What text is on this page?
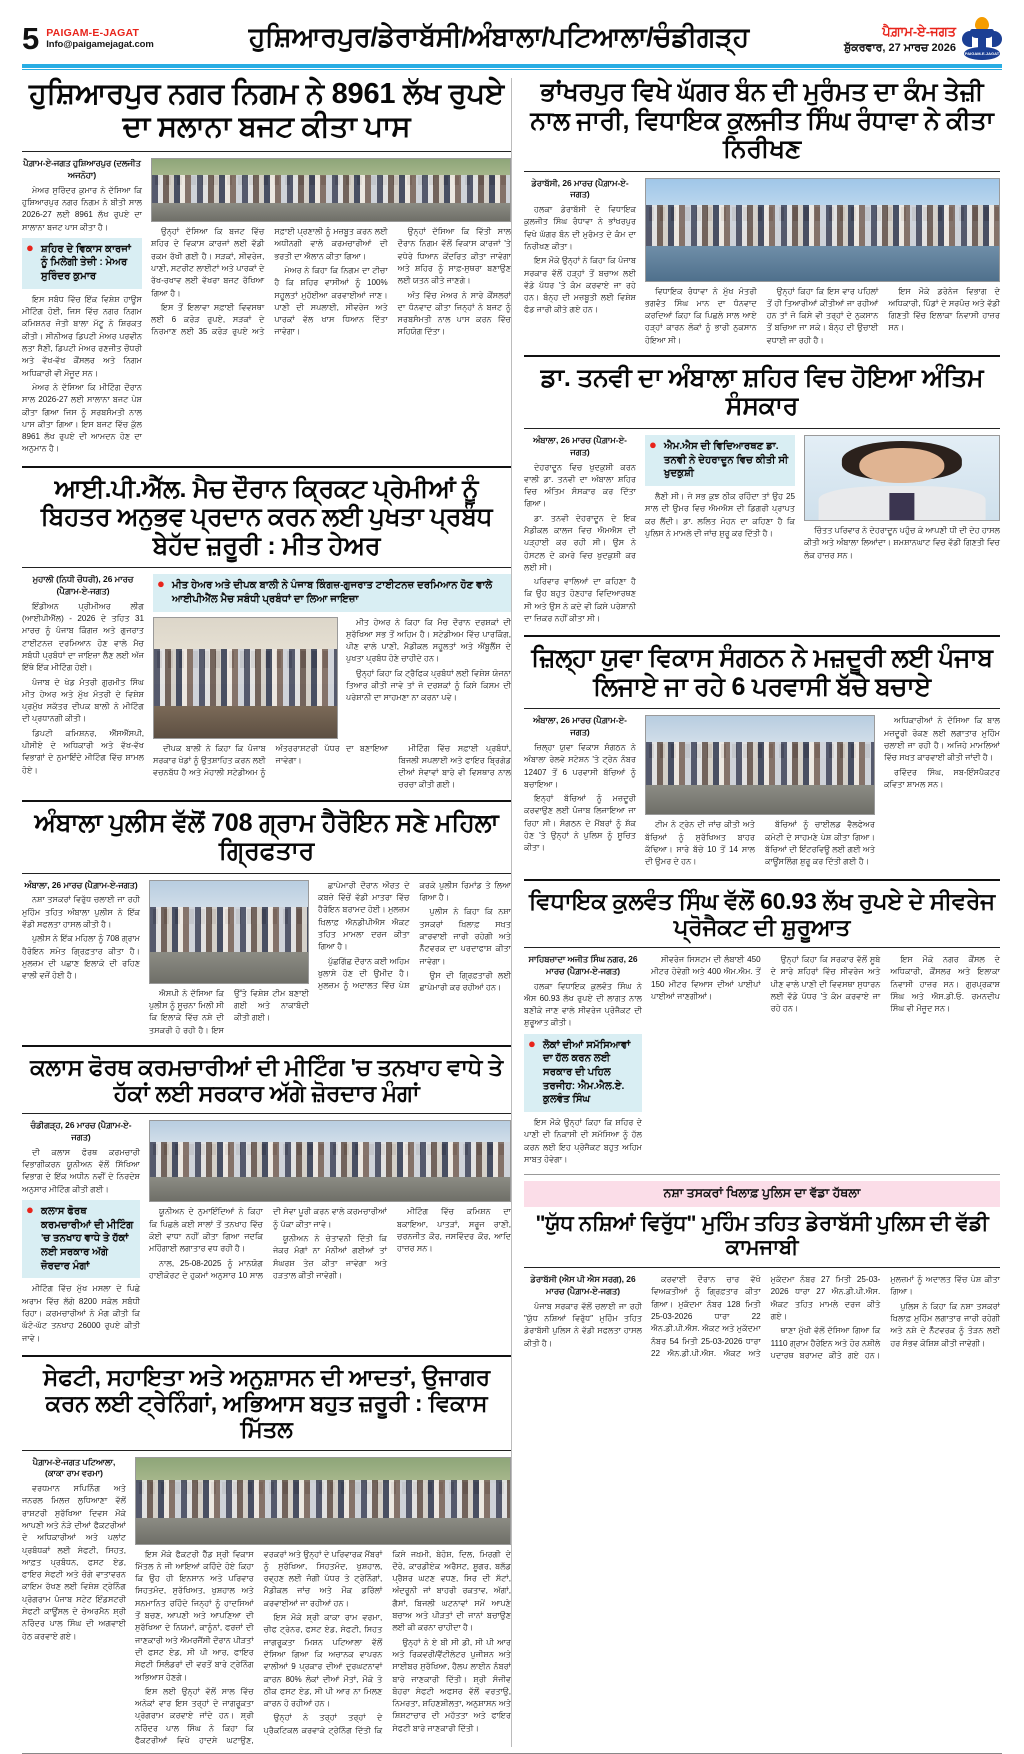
5 PAIGAM-E-JAGAT
Info@paigamejagat.com	ਹੁਸ਼ਿਆਰਪੁਰ/ਡੇਰਾਬੱਸੀ/ਅੰਬਾਲਾ/ਪਟਿਆਲਾ/ਚੰਡੀਗੜ੍ਹ	ਪੈਗ਼ਾਮ-ਏ-ਜਗਤ
ਸ਼ੁੱਕਰਵਾਰ, 27 ਮਾਰਚ 2026 PAIGAM-E-JAGAT
ਹੁਸ਼ਿਆਰਪੁਰ ਨਗਰ ਨਿਗਮ ਨੇ 8961 ਲੱਖ ਰੁਪਏ ਦਾ ਸਲਾਨਾ ਬਜਟ ਕੀਤਾ ਪਾਸ
ਪੈਗ਼ਾਮ-ਏ-ਜਗਤ ਹੁਸ਼ਿਆਰਪੁਰ (ਦਲਜੀਤ ਅਜਨੋਹਾ)

ਮੇਅਰ ਸੁਰਿੰਦਰ ਕੁਮਾਰ ਨੇ ਦੱਸਿਆ ਕਿ ਹੁਸ਼ਿਆਰਪੁਰ ਨਗਰ ਨਿਗਮ ਨੇ ਬੀਤੀ ਸਾਲ 2026-27 ਲਈ 8961 ਲੱਖ ਰੁਪਏ ਦਾ ਸਾਲਾਨਾ ਬਜਟ ਪਾਸ ਕੀਤਾ ਹੈ।

● ਸ਼ਹਿਰ ਦੇ ਵਿਕਾਸ ਕਾਰਜਾਂ ਨੂੰ ਮਿਲੇਗੀ ਤੇਜ਼ੀ : ਮੇਅਰ ਸੁਰਿੰਦਰ ਕੁਮਾਰ

ਇਸ ਸਬੰਧ ਵਿੱਚ ਇੱਕ ਵਿਸ਼ੇਸ਼ ਹਾਊਸ ਮੀਟਿੰਗ ਹੋਈ, ਜਿਸ ਵਿੱਚ ਨਗਰ ਨਿਗਮ ਕਮਿਸ਼ਨਰ ਜੋਤੀ ਬਾਲਾ ਮੱਟੂ ਨੇ ਸ਼ਿਰਕਤ ਕੀਤੀ। ਸੀਨੀਅਰ ਡਿਪਟੀ ਮੇਅਰ ਪਰਵੀਨ ਲਤਾ ਸੈਣੀ, ਡਿਪਟੀ ਮੇਅਰ ਰਣਜੀਤ ਚੌਧਰੀ ਅਤੇ ਵੱਖ-ਵੱਖ ਕੌਂਸਲਰ ਅਤੇ ਨਿਗਮ ਅਧਿਕਾਰੀ ਵੀ ਮੌਜੂਦ ਸਨ।

ਮੇਅਰ ਨੇ ਦੱਸਿਆ ਕਿ ਮੀਟਿੰਗ ਦੌਰਾਨ ਸਾਲ 2026-27 ਲਈ ਸਾਲਾਨਾ ਬਜਟ ਪੇਸ਼ ਕੀਤਾ ਗਿਆ ਜਿਸ ਨੂੰ ਸਰਬਸੰਮਤੀ ਨਾਲ ਪਾਸ ਕੀਤਾ ਗਿਆ। ਇਸ ਬਜਟ ਵਿੱਚ ਕੁੱਲ 8961 ਲੱਖ ਰੁਪਏ ਦੀ ਆਮਦਨ ਹੋਣ ਦਾ ਅਨੁਮਾਨ ਹੈ।

ਉਨ੍ਹਾਂ ਦੱਸਿਆ ਕਿ ਬਜਟ ਵਿੱਚ ਸ਼ਹਿਰ ਦੇ ਵਿਕਾਸ ਕਾਰਜਾਂ ਲਈ ਵੱਡੀ ਰਕਮ ਰੱਖੀ ਗਈ ਹੈ। ਸੜਕਾਂ, ਸੀਵਰੇਜ, ਪਾਣੀ, ਸਟਰੀਟ ਲਾਈਟਾਂ ਅਤੇ ਪਾਰਕਾਂ ਦੇ ਰੱਖ-ਰਖਾਵ ਲਈ ਵੱਖਰਾ ਬਜਟ ਰੱਖਿਆ ਗਿਆ ਹੈ।

ਇਸ ਤੋਂ ਇਲਾਵਾ ਸਫ਼ਾਈ ਵਿਵਸਥਾ ਲਈ 6 ਕਰੋੜ ਰੁਪਏ, ਸੜਕਾਂ ਦੇ ਨਿਰਮਾਣ ਲਈ 35 ਕਰੋੜ ਰੁਪਏ ਅਤੇ ਸਫ਼ਾਈ ਪ੍ਰਣਾਲੀ ਨੂੰ ਮਜ਼ਬੂਤ ਕਰਨ ਲਈ ਅਧੀਨਗੀ ਵਾਲੇ ਕਰਮਚਾਰੀਆਂ ਦੀ ਭਰਤੀ ਦਾ ਐਲਾਨ ਕੀਤਾ ਗਿਆ।

ਮੇਅਰ ਨੇ ਕਿਹਾ ਕਿ ਨਿਗਮ ਦਾ ਟੀਚਾ ਹੈ ਕਿ ਸ਼ਹਿਰ ਵਾਸੀਆਂ ਨੂੰ 100% ਸਹੂਲਤਾਂ ਮੁਹੱਈਆ ਕਰਵਾਈਆਂ ਜਾਣ। ਪਾਣੀ ਦੀ ਸਪਲਾਈ, ਸੀਵਰੇਜ ਅਤੇ ਪਾਰਕਾਂ ਵੱਲ ਖਾਸ ਧਿਆਨ ਦਿੱਤਾ ਜਾਵੇਗਾ।

ਉਨ੍ਹਾਂ ਦੱਸਿਆ ਕਿ ਵਿੱਤੀ ਸਾਲ ਦੌਰਾਨ ਨਿਗਮ ਵੱਲੋਂ ਵਿਕਾਸ ਕਾਰਜਾਂ 'ਤੇ ਵਧੇਰੇ ਧਿਆਨ ਕੇਂਦਰਿਤ ਕੀਤਾ ਜਾਵੇਗਾ ਅਤੇ ਸ਼ਹਿਰ ਨੂੰ ਸਾਫ਼-ਸੁਥਰਾ ਬਣਾਉਣ ਲਈ ਯਤਨ ਕੀਤੇ ਜਾਣਗੇ।

ਅੰਤ ਵਿੱਚ ਮੇਅਰ ਨੇ ਸਾਰੇ ਕੌਂਸਲਰਾਂ ਦਾ ਧੰਨਵਾਦ ਕੀਤਾ ਜਿਨ੍ਹਾਂ ਨੇ ਬਜਟ ਨੂੰ ਸਰਬਸੰਮਤੀ ਨਾਲ ਪਾਸ ਕਰਨ ਵਿੱਚ ਸਹਿਯੋਗ ਦਿੱਤਾ।

ਆਈ.ਪੀ.ਐੱਲ. ਮੈਚ ਦੌਰਾਨ ਕ੍ਰਿਕਟ ਪ੍ਰੇਮੀਆਂ ਨੂੰ ਬਿਹਤਰ ਅਨੁਭਵ ਪ੍ਰਦਾਨ ਕਰਨ ਲਈ ਪੁਖਤਾ ਪ੍ਰਬੰਧ ਬੇਹੱਦ ਜ਼ਰੂਰੀ : ਮੀਤ ਹੇਅਰ
ਮੁਹਾਲੀ (ਨਿਧੀ ਚੌਧਰੀ), 26 ਮਾਰਚ (ਪੈਗ਼ਾਮ-ਏ-ਜਗਤ)

ਇੰਡੀਅਨ ਪ੍ਰੀਮੀਅਰ ਲੀਗ (ਆਈਪੀਐੱਲ) - 2026 ਦੇ ਤਹਿਤ 31 ਮਾਰਚ ਨੂੰ ਪੰਜਾਬ ਕਿੰਗਜ਼ ਅਤੇ ਗੁਜਰਾਤ ਟਾਈਟਨਜ਼ ਦਰਮਿਆਨ ਹੋਣ ਵਾਲੇ ਮੈਚ ਸਬੰਧੀ ਪ੍ਰਬੰਧਾਂ ਦਾ ਜਾਇਜ਼ਾ ਲੈਣ ਲਈ ਅੱਜ ਇੱਥੇ ਇੱਕ ਮੀਟਿੰਗ ਹੋਈ।

ਪੰਜਾਬ ਦੇ ਖੇਡ ਮੰਤਰੀ ਗੁਰਮੀਤ ਸਿੰਘ ਮੀਤ ਹੇਅਰ ਅਤੇ ਮੁੱਖ ਮੰਤਰੀ ਦੇ ਵਿਸ਼ੇਸ਼ ਪ੍ਰਮੁੱਖ ਸਕੱਤਰ ਦੀਪਕ ਬਾਲੀ ਨੇ ਮੀਟਿੰਗ ਦੀ ਪ੍ਰਧਾਨਗੀ ਕੀਤੀ।

ਡਿਪਟੀ ਕਮਿਸ਼ਨਰ, ਐੱਸਐੱਸਪੀ, ਪੀਸੀਏ ਦੇ ਅਧਿਕਾਰੀ ਅਤੇ ਵੱਖ-ਵੱਖ ਵਿਭਾਗਾਂ ਦੇ ਨੁਮਾਇੰਦੇ ਮੀਟਿੰਗ ਵਿੱਚ ਸ਼ਾਮਲ ਹੋਏ।

● ਮੀਤ ਹੇਅਰ ਅਤੇ ਦੀਪਕ ਬਾਲੀ ਨੇ ਪੰਜਾਬ ਕਿੰਗਜ਼-ਗੁਜਰਾਤ ਟਾਈਟਨਜ਼ ਦਰਮਿਆਨ ਹੋਣ ਵਾਲੇ ਆਈਪੀਐੱਲ ਮੈਚ ਸਬੰਧੀ ਪ੍ਰਬੰਧਾਂ ਦਾ ਲਿਆ ਜਾਇਜ਼ਾ

ਮੀਤ ਹੇਅਰ ਨੇ ਕਿਹਾ ਕਿ ਮੈਚ ਦੌਰਾਨ ਦਰਸ਼ਕਾਂ ਦੀ ਸੁਰੱਖਿਆ ਸਭ ਤੋਂ ਅਹਿਮ ਹੈ। ਸਟੇਡੀਅਮ ਵਿੱਚ ਪਾਰਕਿੰਗ, ਪੀਣ ਵਾਲੇ ਪਾਣੀ, ਮੈਡੀਕਲ ਸਹੂਲਤਾਂ ਅਤੇ ਐਂਬੂਲੈਂਸ ਦੇ ਪੁਖਤਾ ਪ੍ਰਬੰਧ ਹੋਣੇ ਚਾਹੀਦੇ ਹਨ।

ਉਨ੍ਹਾਂ ਕਿਹਾ ਕਿ ਟ੍ਰੈਫਿਕ ਪ੍ਰਬੰਧਾਂ ਲਈ ਵਿਸ਼ੇਸ਼ ਯੋਜਨਾ ਤਿਆਰ ਕੀਤੀ ਜਾਵੇ ਤਾਂ ਜੋ ਦਰਸ਼ਕਾਂ ਨੂੰ ਕਿਸੇ ਕਿਸਮ ਦੀ ਪਰੇਸ਼ਾਨੀ ਦਾ ਸਾਹਮਣਾ ਨਾ ਕਰਨਾ ਪਵੇ।

ਦੀਪਕ ਬਾਲੀ ਨੇ ਕਿਹਾ ਕਿ ਪੰਜਾਬ ਸਰਕਾਰ ਖੇਡਾਂ ਨੂੰ ਉਤਸ਼ਾਹਿਤ ਕਰਨ ਲਈ ਵਚਨਬੱਧ ਹੈ ਅਤੇ ਮੋਹਾਲੀ ਸਟੇਡੀਅਮ ਨੂੰ ਅੰਤਰਰਾਸ਼ਟਰੀ ਪੱਧਰ ਦਾ ਬਣਾਇਆ ਜਾਵੇਗਾ।

ਮੀਟਿੰਗ ਵਿੱਚ ਸਫ਼ਾਈ ਪ੍ਰਬੰਧਾਂ, ਬਿਜਲੀ ਸਪਲਾਈ ਅਤੇ ਫਾਇਰ ਬ੍ਰਿਗੇਡ ਦੀਆਂ ਸੇਵਾਵਾਂ ਬਾਰੇ ਵੀ ਵਿਸਥਾਰ ਨਾਲ ਚਰਚਾ ਕੀਤੀ ਗਈ।

ਅੰਬਾਲਾ ਪੁਲੀਸ ਵੱਲੋਂ 708 ਗ੍ਰਾਮ ਹੈਰੋਇਨ ਸਣੇ ਮਹਿਲਾ ਗ੍ਰਿਫਤਾਰ
ਅੰਬਾਲਾ, 26 ਮਾਰਚ (ਪੈਗ਼ਾਮ-ਏ-ਜਗਤ)

ਨਸ਼ਾ ਤਸਕਰਾਂ ਵਿਰੁੱਧ ਚਲਾਈ ਜਾ ਰਹੀ ਮੁਹਿੰਮ ਤਹਿਤ ਅੰਬਾਲਾ ਪੁਲੀਸ ਨੇ ਇੱਕ ਵੱਡੀ ਸਫਲਤਾ ਹਾਸਲ ਕੀਤੀ ਹੈ।

ਪੁਲੀਸ ਨੇ ਇੱਕ ਮਹਿਲਾ ਨੂੰ 708 ਗ੍ਰਾਮ ਹੈਰੋਇਨ ਸਮੇਤ ਗ੍ਰਿਫ਼ਤਾਰ ਕੀਤਾ ਹੈ। ਮੁਲਜ਼ਮ ਦੀ ਪਛਾਣ ਇਲਾਕੇ ਦੀ ਰਹਿਣ ਵਾਲੀ ਵਜੋਂ ਹੋਈ ਹੈ।

ਐਸਪੀ ਨੇ ਦੱਸਿਆ ਕਿ ਪੁਲੀਸ ਨੂੰ ਸੂਚਨਾ ਮਿਲੀ ਸੀ ਕਿ ਇਲਾਕੇ ਵਿੱਚ ਨਸ਼ੇ ਦੀ ਤਸਕਰੀ ਹੋ ਰਹੀ ਹੈ। ਇਸ ਉੱਤੇ ਵਿਸ਼ੇਸ਼ ਟੀਮ ਬਣਾਈ ਗਈ ਅਤੇ ਨਾਕਾਬੰਦੀ ਕੀਤੀ ਗਈ।

ਛਾਪੇਮਾਰੀ ਦੌਰਾਨ ਔਰਤ ਦੇ ਕਬਜ਼ੇ ਵਿੱਚੋਂ ਵੱਡੀ ਮਾਤਰਾ ਵਿੱਚ ਹੈਰੋਇਨ ਬਰਾਮਦ ਹੋਈ। ਮੁਲਜ਼ਮ ਖ਼ਿਲਾਫ਼ ਐਨਡੀਪੀਐਸ ਐਕਟ ਤਹਿਤ ਮਾਮਲਾ ਦਰਜ ਕੀਤਾ ਗਿਆ ਹੈ।

ਪੁੱਛਗਿੱਛ ਦੌਰਾਨ ਕਈ ਅਹਿਮ ਖੁਲਾਸੇ ਹੋਣ ਦੀ ਉਮੀਦ ਹੈ। ਮੁਲਜ਼ਮ ਨੂੰ ਅਦਾਲਤ ਵਿੱਚ ਪੇਸ਼ ਕਰਕੇ ਪੁਲੀਸ ਰਿਮਾਂਡ ਤੇ ਲਿਆ ਗਿਆ ਹੈ।

ਪੁਲੀਸ ਨੇ ਕਿਹਾ ਕਿ ਨਸ਼ਾ ਤਸਕਰਾਂ ਖ਼ਿਲਾਫ਼ ਸਖ਼ਤ ਕਾਰਵਾਈ ਜਾਰੀ ਰਹੇਗੀ ਅਤੇ ਨੈੱਟਵਰਕ ਦਾ ਪਰਦਾਫਾਸ਼ ਕੀਤਾ ਜਾਵੇਗਾ।

ਉਸ ਦੀ ਗ੍ਰਿਫ਼ਤਾਰੀ ਲਈ ਛਾਪੇਮਾਰੀ ਕਰ ਰਹੀਆਂ ਹਨ।

ਕਲਾਸ ਫੋਰਥ ਕਰਮਚਾਰੀਆਂ ਦੀ ਮੀਟਿੰਗ 'ਚ ਤਨਖਾਹ ਵਾਧੇ ਤੇ ਹੱਕਾਂ ਲਈ ਸਰਕਾਰ ਅੱਗੇ ਜ਼ੋਰਦਾਰ ਮੰਗਾਂ
ਚੰਡੀਗੜ੍ਹ, 26 ਮਾਰਚ (ਪੈਗ਼ਾਮ-ਏ-ਜਗਤ)

ਦੀ ਕਲਾਸ ਫੋਰਥ ਕਰਮਚਾਰੀ ਵਿਭਾਗੀਕਰਨ ਯੂਨੀਅਨ ਵੱਲੋਂ ਸਿੱਖਿਆ ਵਿਭਾਗ ਦੇ ਇੱਕ ਅਧੀਨ ਨਵੀਂ ਦੇ ਨਿਰਦੇਸ਼ ਅਨੁਸਾਰ ਮੀਟਿੰਗ ਕੀਤੀ ਗਈ।

● ਕਲਾਸ ਫੋਰਥ ਕਰਮਚਾਰੀਆਂ ਦੀ ਮੀਟਿੰਗ 'ਚ ਤਨਖਾਹ ਵਾਧੇ ਤੇ ਹੱਕਾਂ ਲਈ ਸਰਕਾਰ ਅੱਗੇ ਜ਼ੋਰਦਾਰ ਮੰਗਾਂ

ਮੀਟਿੰਗ ਵਿੱਚ ਮੁੱਖ ਮਸਲਾ ਦੇ ਪਿਛੇ ਅਰਾਮ ਵਿੱਚ ਲੱਗੇ 8200 ਸਕੇਲ ਸਬੰਧੀ ਰਿਹਾ। ਕਰਮਚਾਰੀਆਂ ਨੇ ਮੰਗ ਕੀਤੀ ਕਿ ਘੱਟੋ-ਘੱਟ ਤਨਖਾਹ 26000 ਰੁਪਏ ਕੀਤੀ ਜਾਵੇ।

ਯੂਨੀਅਨ ਦੇ ਨੁਮਾਇੰਦਿਆਂ ਨੇ ਕਿਹਾ ਕਿ ਪਿਛਲੇ ਕਈ ਸਾਲਾਂ ਤੋਂ ਤਨਖਾਹ ਵਿੱਚ ਕੋਈ ਵਾਧਾ ਨਹੀਂ ਕੀਤਾ ਗਿਆ ਜਦਕਿ ਮਹਿੰਗਾਈ ਲਗਾਤਾਰ ਵਧ ਰਹੀ ਹੈ।

ਨਾਲ, 25-08-2025 ਨੂੰ ਮਾਨਯੋਗ ਹਾਈਕੋਰਟ ਦੇ ਹੁਕਮਾਂ ਅਨੁਸਾਰ 10 ਸਾਲ ਦੀ ਸੇਵਾ ਪੂਰੀ ਕਰਨ ਵਾਲੇ ਕਰਮਚਾਰੀਆਂ ਨੂੰ ਪੱਕਾ ਕੀਤਾ ਜਾਵੇ।

ਯੂਨੀਅਨ ਨੇ ਚੇਤਾਵਨੀ ਦਿੱਤੀ ਕਿ ਜੇਕਰ ਮੰਗਾਂ ਨਾ ਮੰਨੀਆਂ ਗਈਆਂ ਤਾਂ ਸੰਘਰਸ਼ ਤੇਜ਼ ਕੀਤਾ ਜਾਵੇਗਾ ਅਤੇ ਹੜਤਾਲ ਕੀਤੀ ਜਾਵੇਗੀ।

ਮੀਟਿੰਗ ਵਿੱਚ ਕਮਿਸ਼ਨ ਦਾ ਬਕਾਇਆ, ਪਾਤੜਾਂ, ਸਰੂਜ ਰਾਣੀ, ਚਰਨਜੀਤ ਕੌਰ, ਜਸਵਿੰਦਰ ਕੌਰ, ਆਦਿ ਹਾਜ਼ਰ ਸਨ।

ਸੇਫਟੀ, ਸਹਾਇਤਾ ਅਤੇ ਅਨੁਸ਼ਾਸਨ ਦੀ ਆਦਤਾਂ, ਉਜਾਗਰ ਕਰਨ ਲਈ ਟ੍ਰੇਨਿੰਗਾਂ, ਅਭਿਆਸ ਬਹੁਤ ਜ਼ਰੂਰੀ : ਵਿਕਾਸ ਮਿੱਤਲ
ਪੈਗ਼ਾਮ-ਏ-ਜਗਤ ਪਟਿਆਲਾ, (ਕਾਕਾ ਰਾਮ ਵਰਮਾ)

ਵਰਧਮਾਨ ਸਪਿਨਿੰਗ ਅਤੇ ਜਨਰਲ ਮਿਲਜ਼ ਲੁਧਿਆਣਾ ਵੱਲੋਂ ਰਾਸ਼ਟਰੀ ਸੁਰੱਖਿਆ ਦਿਵਸ ਮੌਕੇ ਆਪਣੀ ਅਤੇ ਨੇੜੇ ਦੀਆਂ ਫੈਕਟਰੀਆਂ ਦੇ ਅਧਿਕਾਰੀਆਂ ਅਤੇ ਪਲਾਂਟ ਪ੍ਰਬੰਧਕਾਂ ਲਈ ਸੇਫਟੀ, ਸਿਹਤ, ਆਫ਼ਤ ਪ੍ਰਬੰਧਨ, ਫਸਟ ਏਡ, ਫਾਇਰ ਸੇਫਟੀ ਅਤੇ ਚੰਗੇ ਵਾਤਾਵਰਨ ਕਾਇਮ ਰੱਖਣ ਲਈ ਵਿਸ਼ੇਸ਼ ਟ੍ਰੇਨਿੰਗ ਪ੍ਰੋਗਰਾਮ ਪੰਜਾਬ ਸਟੇਟ ਇੰਡਸਟਰੀ ਸੇਫਟੀ ਕਾਊਂਸਲ ਦੇ ਚੇਅਰਮੈਨ ਸ਼੍ਰੀ ਨਰਿੰਦਰ ਪਾਲ ਸਿੰਘ ਦੀ ਅਗਵਾਈ ਹੇਠ ਕਰਵਾਏ ਗਏ।

ਇਸ ਮੌਕੇ ਫੈਕਟਰੀ ਹੈੱਡ ਸ਼੍ਰੀ ਵਿਕਾਸ ਮਿੱਤਲ ਨੇ ਜੀ ਆਇਆਂ ਕਹਿੰਦੇ ਹੋਏ ਕਿਹਾ ਕਿ ਉਹ ਹੀ ਇਨਸਾਨ ਅਤੇ ਪਰਿਵਾਰ ਸਿਹਤਮੰਦ, ਸੁਰੱਖਿਅਤ, ਖੁਸ਼ਹਾਲ ਅਤੇ ਸਨਮਾਨਿਤ ਰਹਿੰਦੇ ਜਿਨ੍ਹਾਂ ਨੂੰ ਹਾਦਸਿਆਂ ਤੋਂ ਬਚਣ, ਆਪਣੀ ਅਤੇ ਆਪਣਿਆ ਦੀ ਸੁਰੱਖਿਆ ਦੇ ਨਿਯਮਾਂ, ਕਾਨੂੰਨਾਂ, ਫਰਜ਼ਾਂ ਦੀ ਜਾਣਕਾਰੀ ਅਤੇ ਐਮਰਜੈਂਸੀ ਦੌਰਾਨ ਪੀੜਤਾਂ ਦੀ ਫਸਟ ਏਡ, ਸੀ ਪੀ ਆਰ, ਫਾਇਰ ਸੇਫਟੀ ਸਿਲੰਡਰਾਂ ਦੀ ਵਰਤੋਂ ਬਾਰੇ ਟ੍ਰੇਨਿੰਗ ਅਭਿਆਸ ਹੋਣਗੇ।

ਇਸ ਲਈ ਉਨ੍ਹਾਂ ਵੱਲੋਂ ਸਾਲ ਵਿੱਚ ਅਨੇਕਾਂ ਵਾਰ ਇਸ ਤਰ੍ਹਾਂ ਦੇ ਜਾਗਰੂਕਤਾ ਪ੍ਰੋਗਰਾਮ ਕਰਵਾਏ ਜਾਂਦੇ ਹਨ। ਸ਼੍ਰੀ ਨਰਿੰਦਰ ਪਾਲ ਸਿੰਘ ਨੇ ਕਿਹਾ ਕਿ ਫੈਕਟਰੀਆਂ ਵਿਖੇ ਹਾਦਸੇ ਘਟਾਉਣ, ਵਰਕਰਾਂ ਅਤੇ ਉਨ੍ਹਾਂ ਦੇ ਪਰਿਵਾਰਕ ਮੈਂਬਰਾਂ ਨੂੰ ਸੁਰੱਖਿਆ, ਸਿਹਤਮੰਦ, ਖੁਸ਼ਹਾਲ, ਰਵ੍ਹਣ ਲਈ ਜੰਗੀ ਪੱਧਰ ਤੇ ਟ੍ਰੇਨਿੰਗਾਂ, ਮੈਡੀਕਲ ਜਾਂਚ ਅਤੇ ਮੌਕ ਡਰਿੱਲਾਂ ਕਰਵਾਈਆਂ ਜਾ ਰਹੀਆਂ ਹਨ।

ਇਸ ਮੌਕੇ ਸ਼੍ਰੀ ਕਾਕਾ ਰਾਮ ਵਰਮਾ, ਚੀਫ ਟ੍ਰੇਨਰ, ਫਸਟ ਏਡ, ਸੇਫਟੀ, ਸਿਹਤ ਜਾਗਰੂਕਤਾ ਮਿਸ਼ਨ ਪਟਿਆਲਾ ਵੱਲੋਂ ਦੱਸਿਆ ਗਿਆ ਕਿ ਅਚਾਨਕ ਵਾਪਰਨ ਵਾਲੀਆਂ 9 ਪ੍ਰਕਾਰ ਦੀਆਂ ਦੁਰਘਟਨਾਵਾਂ ਕਾਰਨ 80% ਲੋਕਾਂ ਦੀਆਂ ਮੌਤਾਂ, ਮੌਕੇ ਤੇ ਠੀਕ ਫਸਟ ਏਡ, ਸੀ ਪੀ ਆਰ ਨਾ ਮਿਲਣ ਕਾਰਨ ਹੋ ਰਹੀਆਂ ਹਨ।

ਉਨ੍ਹਾਂ ਨੇ ਤਰ੍ਹਾਂ ਤਰ੍ਹਾਂ ਦੇ ਪ੍ਰੈਕਟਿਕਲ ਕਰਵਾਕੇ ਟ੍ਰੇਨਿੰਗ ਦਿੱਤੀ ਕਿ ਕਿਸੇ ਜਖ਼ਮੀ, ਬੇਹੋਸ਼, ਦਿਲ, ਮਿਰਗੀ ਦੇ ਦੌਰੇ, ਕਾਰਡੀਏਕ ਅਰੈਸਟ, ਸ਼ੂਗਰ, ਬਲੱਡ ਪ੍ਰੈਸ਼ਰ ਘਟਣ ਵਧਣ, ਸਿਰ ਦੀ ਸੱਟਾਂ, ਅੰਦਰੂਨੀ ਜਾਂ ਬਾਹਰੀ ਰਕਤਾਵ, ਅੱਗਾਂ, ਗੈਸਾਂ, ਬਿਜਲੀ ਘਟਨਾਵਾਂ ਸਮੇਂ ਆਪਣੇ ਬਚਾਅ ਅਤੇ ਪੀੜਤਾਂ ਦੀ ਜਾਨਾਂ ਬਚਾਉਣ ਲਈ ਕੀ ਕਰਨਾ ਚਾਹੀਦਾ ਹੈ।

ਉਨ੍ਹਾਂ ਨੇ ਏ ਬੀ ਸੀ ਡੀ, ਸੀ ਪੀ ਆਰ ਅਤੇ ਰਿਕਵਰੀ/ਵੈਂਟੀਲੇਟਰ ਪੁਜੀਸ਼ਨ ਅਤੇ ਸਾਈਬਰ ਸੁਰੱਖਿਆ, ਹੈਲਪ ਲਾਈਨ ਨੰਬਰਾਂ ਬਾਰੇ ਜਾਣਕਾਰੀ ਦਿੱਤੀ। ਸ਼੍ਰੀ ਸੰਜੀਵ ਬੋਹਰਾ ਸੇਫਟੀ ਅਫਸਰ ਵੱਲੋਂ ਵਰਤਾਉ, ਨਿਮਰਤਾ, ਸ਼ਹਿਣਸ਼ੀਲਤਾ, ਅਨੁਸ਼ਾਸਨ ਅਤੇ ਸ਼ਿਸ਼ਟਾਚਾਰ ਦੀ ਮਹੱਤਤਾ ਅਤੇ ਫਾਇਰ ਸੇਫਟੀ ਬਾਰੇ ਜਾਣਕਾਰੀ ਦਿੱਤੀ।

ਭਾਂਖਰਪੁਰ ਵਿਖੇ ਘੱਗਰ ਬੰਨ ਦੀ ਮੁਰੰਮਤ ਦਾ ਕੰਮ ਤੇਜ਼ੀ ਨਾਲ ਜਾਰੀ, ਵਿਧਾਇਕ ਕੁਲਜੀਤ ਸਿੰਘ ਰੰਧਾਵਾ ਨੇ ਕੀਤਾ ਨਿਰੀਖਣ
ਡੇਰਾਬੱਸੀ, 26 ਮਾਰਚ (ਪੈਗ਼ਾਮ-ਏ-ਜਗਤ)

ਹਲਕਾ ਡੇਰਾਬੱਸੀ ਦੇ ਵਿਧਾਇਕ ਕੁਲਜੀਤ ਸਿੰਘ ਰੰਧਾਵਾ ਨੇ ਭਾਂਖਰਪੁਰ ਵਿਖੇ ਘੱਗਰ ਬੰਨ ਦੀ ਮੁਰੰਮਤ ਦੇ ਕੰਮ ਦਾ ਨਿਰੀਖਣ ਕੀਤਾ।

ਇਸ ਮੌਕੇ ਉਨ੍ਹਾਂ ਨੇ ਕਿਹਾ ਕਿ ਪੰਜਾਬ ਸਰਕਾਰ ਵੱਲੋਂ ਹੜ੍ਹਾਂ ਤੋਂ ਬਚਾਅ ਲਈ ਵੱਡੇ ਪੱਧਰ 'ਤੇ ਕੰਮ ਕਰਵਾਏ ਜਾ ਰਹੇ ਹਨ। ਬੰਨ੍ਹ ਦੀ ਮਜ਼ਬੂਤੀ ਲਈ ਵਿਸ਼ੇਸ਼ ਫੰਡ ਜਾਰੀ ਕੀਤੇ ਗਏ ਹਨ।

ਵਿਧਾਇਕ ਰੰਧਾਵਾ ਨੇ ਮੁੱਖ ਮੰਤਰੀ ਭਗਵੰਤ ਸਿੰਘ ਮਾਨ ਦਾ ਧੰਨਵਾਦ ਕਰਦਿਆਂ ਕਿਹਾ ਕਿ ਪਿਛਲੇ ਸਾਲ ਆਏ ਹੜ੍ਹਾਂ ਕਾਰਨ ਲੋਕਾਂ ਨੂੰ ਭਾਰੀ ਨੁਕਸਾਨ ਹੋਇਆ ਸੀ।

ਉਨ੍ਹਾਂ ਕਿਹਾ ਕਿ ਇਸ ਵਾਰ ਪਹਿਲਾਂ ਤੋਂ ਹੀ ਤਿਆਰੀਆਂ ਕੀਤੀਆਂ ਜਾ ਰਹੀਆਂ ਹਨ ਤਾਂ ਜੋ ਕਿਸੇ ਵੀ ਤਰ੍ਹਾਂ ਦੇ ਨੁਕਸਾਨ ਤੋਂ ਬਚਿਆ ਜਾ ਸਕੇ। ਬੰਨ੍ਹ ਦੀ ਉਚਾਈ ਵਧਾਈ ਜਾ ਰਹੀ ਹੈ।

ਇਸ ਮੌਕੇ ਡਰੇਨੇਜ ਵਿਭਾਗ ਦੇ ਅਧਿਕਾਰੀ, ਪਿੰਡਾਂ ਦੇ ਸਰਪੰਚ ਅਤੇ ਵੱਡੀ ਗਿਣਤੀ ਵਿੱਚ ਇਲਾਕਾ ਨਿਵਾਸੀ ਹਾਜ਼ਰ ਸਨ।

ਡਾ. ਤਨਵੀ ਦਾ ਅੰਬਾਲਾ ਸ਼ਹਿਰ ਵਿਚ ਹੋਇਆ ਅੰਤਿਮ ਸੰਸਕਾਰ
ਅੰਬਾਲਾ, 26 ਮਾਰਚ (ਪੈਗ਼ਾਮ-ਏ-ਜਗਤ)

ਦੇਹਰਾਦੂਨ ਵਿਚ ਖੁਦਕੁਸ਼ੀ ਕਰਨ ਵਾਲੀ ਡਾ. ਤਨਵੀ ਦਾ ਅੰਬਾਲਾ ਸ਼ਹਿਰ ਵਿਚ ਅੰਤਿਮ ਸੰਸਕਾਰ ਕਰ ਦਿੱਤਾ ਗਿਆ।

ਡਾ. ਤਨਵੀ ਦੇਹਰਾਦੂਨ ਦੇ ਇਕ ਮੈਡੀਕਲ ਕਾਲਜ ਵਿਚ ਐਮਐਸ ਦੀ ਪੜ੍ਹਾਈ ਕਰ ਰਹੀ ਸੀ। ਉਸ ਨੇ ਹੋਸਟਲ ਦੇ ਕਮਰੇ ਵਿਚ ਖੁਦਕੁਸ਼ੀ ਕਰ ਲਈ ਸੀ।

ਪਰਿਵਾਰ ਵਾਲਿਆਂ ਦਾ ਕਹਿਣਾ ਹੈ ਕਿ ਉਹ ਬਹੁਤ ਹੋਣਹਾਰ ਵਿਦਿਆਰਥਣ ਸੀ ਅਤੇ ਉਸ ਨੇ ਕਦੇ ਵੀ ਕਿਸੇ ਪਰੇਸ਼ਾਨੀ ਦਾ ਜ਼ਿਕਰ ਨਹੀਂ ਕੀਤਾ ਸੀ।

● ਐਮ.ਐਸ ਦੀ ਵਿਦਿਆਰਥਣ ਡਾ. ਤਨਵੀ ਨੇ ਦੇਹਰਾਦੂਨ ਵਿਚ ਕੀਤੀ ਸੀ ਖੁਦਕੁਸ਼ੀ

ਲੈਣੀ ਸੀ। ਜੇ ਸਭ ਕੁਝ ਠੀਕ ਰਹਿੰਦਾ ਤਾਂ ਉਹ 25 ਸਾਲ ਦੀ ਉਮਰ ਵਿਚ ਐਮਐਸ ਦੀ ਡਿਗਰੀ ਪ੍ਰਾਪਤ ਕਰ ਲੈਂਦੀ। ਡਾ. ਲਲਿਤ ਮੋਹਨ ਦਾ ਕਹਿਣਾ ਹੈ ਕਿ ਪੁਲਿਸ ਨੇ ਮਾਮਲੇ ਦੀ ਜਾਂਚ ਸ਼ੁਰੂ ਕਰ ਦਿੱਤੀ ਹੈ।	ਚਿੰਤਤ ਪਰਿਵਾਰ ਨੇ ਦੇਹਰਾਦੂਨ ਪਹੁੰਚ ਕੇ ਆਪਣੀ ਧੀ ਦੀ ਦੇਹ ਹਾਸਲ ਕੀਤੀ ਅਤੇ ਅੰਬਾਲਾ ਲਿਆਂਦਾ। ਸ਼ਮਸ਼ਾਨਘਾਟ ਵਿਚ ਵੱਡੀ ਗਿਣਤੀ ਵਿਚ ਲੋਕ ਹਾਜ਼ਰ ਸਨ।

ਜ਼ਿਲ੍ਹਾ ਯੁਵਾ ਵਿਕਾਸ ਸੰਗਠਨ ਨੇ ਮਜ਼ਦੂਰੀ ਲਈ ਪੰਜਾਬ ਲਿਜਾਏ ਜਾ ਰਹੇ 6 ਪਰਵਾਸੀ ਬੱਚੇ ਬਚਾਏ
ਅੰਬਾਲਾ, 26 ਮਾਰਚ (ਪੈਗ਼ਾਮ-ਏ-ਜਗਤ)

ਜ਼ਿਲ੍ਹਾ ਯੁਵਾ ਵਿਕਾਸ ਸੰਗਠਨ ਨੇ ਅੰਬਾਲਾ ਰੇਲਵੇ ਸਟੇਸ਼ਨ 'ਤੇ ਟ੍ਰੇਨ ਨੰਬਰ 12407 ਤੋਂ 6 ਪਰਵਾਸੀ ਬੱਚਿਆਂ ਨੂੰ ਬਚਾਇਆ।

ਇਨ੍ਹਾਂ ਬੱਚਿਆਂ ਨੂੰ ਮਜ਼ਦੂਰੀ ਕਰਵਾਉਣ ਲਈ ਪੰਜਾਬ ਲਿਜਾਇਆ ਜਾ ਰਿਹਾ ਸੀ। ਸੰਗਠਨ ਦੇ ਮੈਂਬਰਾਂ ਨੂੰ ਸ਼ੱਕ ਹੋਣ 'ਤੇ ਉਨ੍ਹਾਂ ਨੇ ਪੁਲਿਸ ਨੂੰ ਸੂਚਿਤ ਕੀਤਾ।

ਟੀਮ ਨੇ ਟ੍ਰੇਨ ਦੀ ਜਾਂਚ ਕੀਤੀ ਅਤੇ ਬੱਚਿਆਂ ਨੂੰ ਸੁਰੱਖਿਅਤ ਬਾਹਰ ਕੱਢਿਆ। ਸਾਰੇ ਬੱਚੇ 10 ਤੋਂ 14 ਸਾਲ ਦੀ ਉਮਰ ਦੇ ਹਨ।

ਬੱਚਿਆਂ ਨੂੰ ਚਾਈਲਡ ਵੈਲਫੇਅਰ ਕਮੇਟੀ ਦੇ ਸਾਹਮਣੇ ਪੇਸ਼ ਕੀਤਾ ਗਿਆ। ਬੱਚਿਆਂ ਦੀ ਇੰਟਰਵਿਊ ਲਈ ਗਈ ਅਤੇ ਕਾਊਂਸਲਿੰਗ ਸ਼ੁਰੂ ਕਰ ਦਿੱਤੀ ਗਈ ਹੈ।

ਅਧਿਕਾਰੀਆਂ ਨੇ ਦੱਸਿਆ ਕਿ ਬਾਲ ਮਜ਼ਦੂਰੀ ਰੋਕਣ ਲਈ ਲਗਾਤਾਰ ਮੁਹਿੰਮ ਚਲਾਈ ਜਾ ਰਹੀ ਹੈ। ਅਜਿਹੇ ਮਾਮਲਿਆਂ ਵਿੱਚ ਸਖ਼ਤ ਕਾਰਵਾਈ ਕੀਤੀ ਜਾਂਦੀ ਹੈ।

ਰਵਿੰਦਰ ਸਿੰਘ, ਸਬ-ਇੰਸਪੈਕਟਰ ਕਵਿਤਾ ਸ਼ਾਮਲ ਸਨ।

ਵਿਧਾਇਕ ਕੁਲਵੰਤ ਸਿੰਘ ਵੱਲੋਂ 60.93 ਲੱਖ ਰੁਪਏ ਦੇ ਸੀਵਰੇਜ ਪ੍ਰੋਜੈਕਟ ਦੀ ਸ਼ੁਰੂਆਤ
ਸਾਹਿਬਜ਼ਾਦਾ ਅਜੀਤ ਸਿੰਘ ਨਗਰ, 26 ਮਾਰਚ (ਪੈਗ਼ਾਮ-ਏ-ਜਗਤ)

ਹਲਕਾ ਵਿਧਾਇਕ ਕੁਲਵੰਤ ਸਿੰਘ ਨੇ ਐਸ 60.93 ਲੱਖ ਰੁਪਏ ਦੀ ਲਾਗਤ ਨਾਲ ਬਣੀਕੇ ਜਾਣ ਵਾਲੇ ਸੀਵਰੇਜ ਪ੍ਰੋਜੈਕਟ ਦੀ ਸ਼ੁਰੂਆਤ ਕੀਤੀ।

● ਲੋਕਾਂ ਦੀਆਂ ਸਮੱਸਿਆਵਾਂ ਦਾ ਹੱਲ ਕਰਨ ਲਈ ਸਰਕਾਰ ਦੀ ਪਹਿਲ ਤਰਜੀਹ: ਐਮ.ਐਲ.ਏ. ਕੁਲਵੰਤ ਸਿੰਘ

ਇਸ ਮੌਕੇ ਉਨ੍ਹਾਂ ਕਿਹਾ ਕਿ ਸ਼ਹਿਰ ਦੇ ਪਾਣੀ ਦੀ ਨਿਕਾਸੀ ਦੀ ਸਮੱਸਿਆ ਨੂੰ ਹੱਲ ਕਰਨ ਲਈ ਇਹ ਪ੍ਰੋਜੈਕਟ ਬਹੁਤ ਅਹਿਮ ਸਾਬਤ ਹੋਵੇਗਾ।

ਸੀਵਰੇਜ ਸਿਸਟਮ ਦੀ ਲੰਬਾਈ 450 ਮੀਟਰ ਹੋਵੇਗੀ ਅਤੇ 400 ਐਮ.ਐਮ. ਤੋਂ 150 ਮੀਟਰ ਵਿਆਸ ਦੀਆਂ ਪਾਈਪਾਂ ਪਾਈਆਂ ਜਾਣਗੀਆਂ।

ਉਨ੍ਹਾਂ ਕਿਹਾ ਕਿ ਸਰਕਾਰ ਵੱਲੋਂ ਸੂਬੇ ਦੇ ਸਾਰੇ ਸ਼ਹਿਰਾਂ ਵਿੱਚ ਸੀਵਰੇਜ ਅਤੇ ਪੀਣ ਵਾਲੇ ਪਾਣੀ ਦੀ ਵਿਵਸਥਾ ਸੁਧਾਰਨ ਲਈ ਵੱਡੇ ਪੱਧਰ 'ਤੇ ਕੰਮ ਕਰਵਾਏ ਜਾ ਰਹੇ ਹਨ।

ਇਸ ਮੌਕੇ ਨਗਰ ਕੌਂਸਲ ਦੇ ਅਧਿਕਾਰੀ, ਕੌਂਸਲਰ ਅਤੇ ਇਲਾਕਾ ਨਿਵਾਸੀ ਹਾਜ਼ਰ ਸਨ। ਗੁਰਪ੍ਰਕਾਸ਼ ਸਿੰਘ ਅਤੇ ਐਸ.ਡੀ.ਓ. ਰਮਨਦੀਪ ਸਿੰਘ ਵੀ ਮੌਜੂਦ ਸਨ।

ਨਸ਼ਾ ਤਸਕਰਾਂ ਖਿਲਾਫ਼ ਪੁਲਿਸ ਦਾ ਵੱਡਾ ਹੱਥਲਾ
"ਯੁੱਧ ਨਸ਼ਿਆਂ ਵਿਰੁੱਧ" ਮੁਹਿੰਮ ਤਹਿਤ ਡੇਰਾਬੱਸੀ ਪੁਲਿਸ ਦੀ ਵੱਡੀ ਕਾਮਜਾਬੀ
ਡੇਰਾਬੱਸੀ (ਐਸ ਪੀ ਐਸ ਸਰਗ), 26 ਮਾਰਚ (ਪੈਗ਼ਾਮ-ਏ-ਜਗਤ)

ਪੰਜਾਬ ਸਰਕਾਰ ਵੱਲੋਂ ਚਲਾਈ ਜਾ ਰਹੀ "ਯੁੱਧ ਨਸ਼ਿਆਂ ਵਿਰੁੱਧ" ਮੁਹਿੰਮ ਤਹਿਤ ਡੇਰਾਬੱਸੀ ਪੁਲਿਸ ਨੇ ਵੱਡੀ ਸਫਲਤਾ ਹਾਸਲ ਕੀਤੀ ਹੈ।

ਕਰਵਾਈ ਦੌਰਾਨ ਚਾਰ ਵੱਖੋ ਵਿਅਕਤੀਆਂ ਨੂੰ ਗ੍ਰਿਫ਼ਤਾਰ ਕੀਤਾ ਗਿਆ। ਮੁਕੱਦਮਾ ਨੰਬਰ 128 ਮਿਤੀ 25-03-2026 ਧਾਰਾ 22 ਐਨ.ਡੀ.ਪੀ.ਐਸ. ਐਕਟ ਅਤੇ ਮੁਕੱਦਮਾ ਨੰਬਰ 54 ਮਿਤੀ 25-03-2026 ਧਾਰਾ 22 ਐਨ.ਡੀ.ਪੀ.ਐਸ. ਐਕਟ ਅਤੇ ਮੁਕੱਦਮਾ ਨੰਬਰ 27 ਮਿਤੀ 25-03-2026 ਧਾਰਾ 27 ਐਨ.ਡੀ.ਪੀ.ਐਸ. ਐਕਟ ਤਹਿਤ ਮਾਮਲੇ ਦਰਜ ਕੀਤੇ ਗਏ।

ਥਾਣਾ ਮੁੱਖੀ ਵੱਲੋਂ ਦੱਸਿਆ ਗਿਆ ਕਿ 1110 ਗ੍ਰਾਮ ਹੈਰੋਇਨ ਅਤੇ ਹੋਰ ਨਸ਼ੀਲੇ ਪਦਾਰਥ ਬਰਾਮਦ ਕੀਤੇ ਗਏ ਹਨ। ਮੁਲਜ਼ਮਾਂ ਨੂੰ ਅਦਾਲਤ ਵਿੱਚ ਪੇਸ਼ ਕੀਤਾ ਗਿਆ।

ਪੁਲਿਸ ਨੇ ਕਿਹਾ ਕਿ ਨਸ਼ਾ ਤਸਕਰਾਂ ਖ਼ਿਲਾਫ਼ ਮੁਹਿੰਮ ਲਗਾਤਾਰ ਜਾਰੀ ਰਹੇਗੀ ਅਤੇ ਨਸ਼ੇ ਦੇ ਨੈੱਟਵਰਕ ਨੂੰ ਤੋੜਨ ਲਈ ਹਰ ਸੰਭਵ ਕੋਸ਼ਿਸ਼ ਕੀਤੀ ਜਾਵੇਗੀ।
